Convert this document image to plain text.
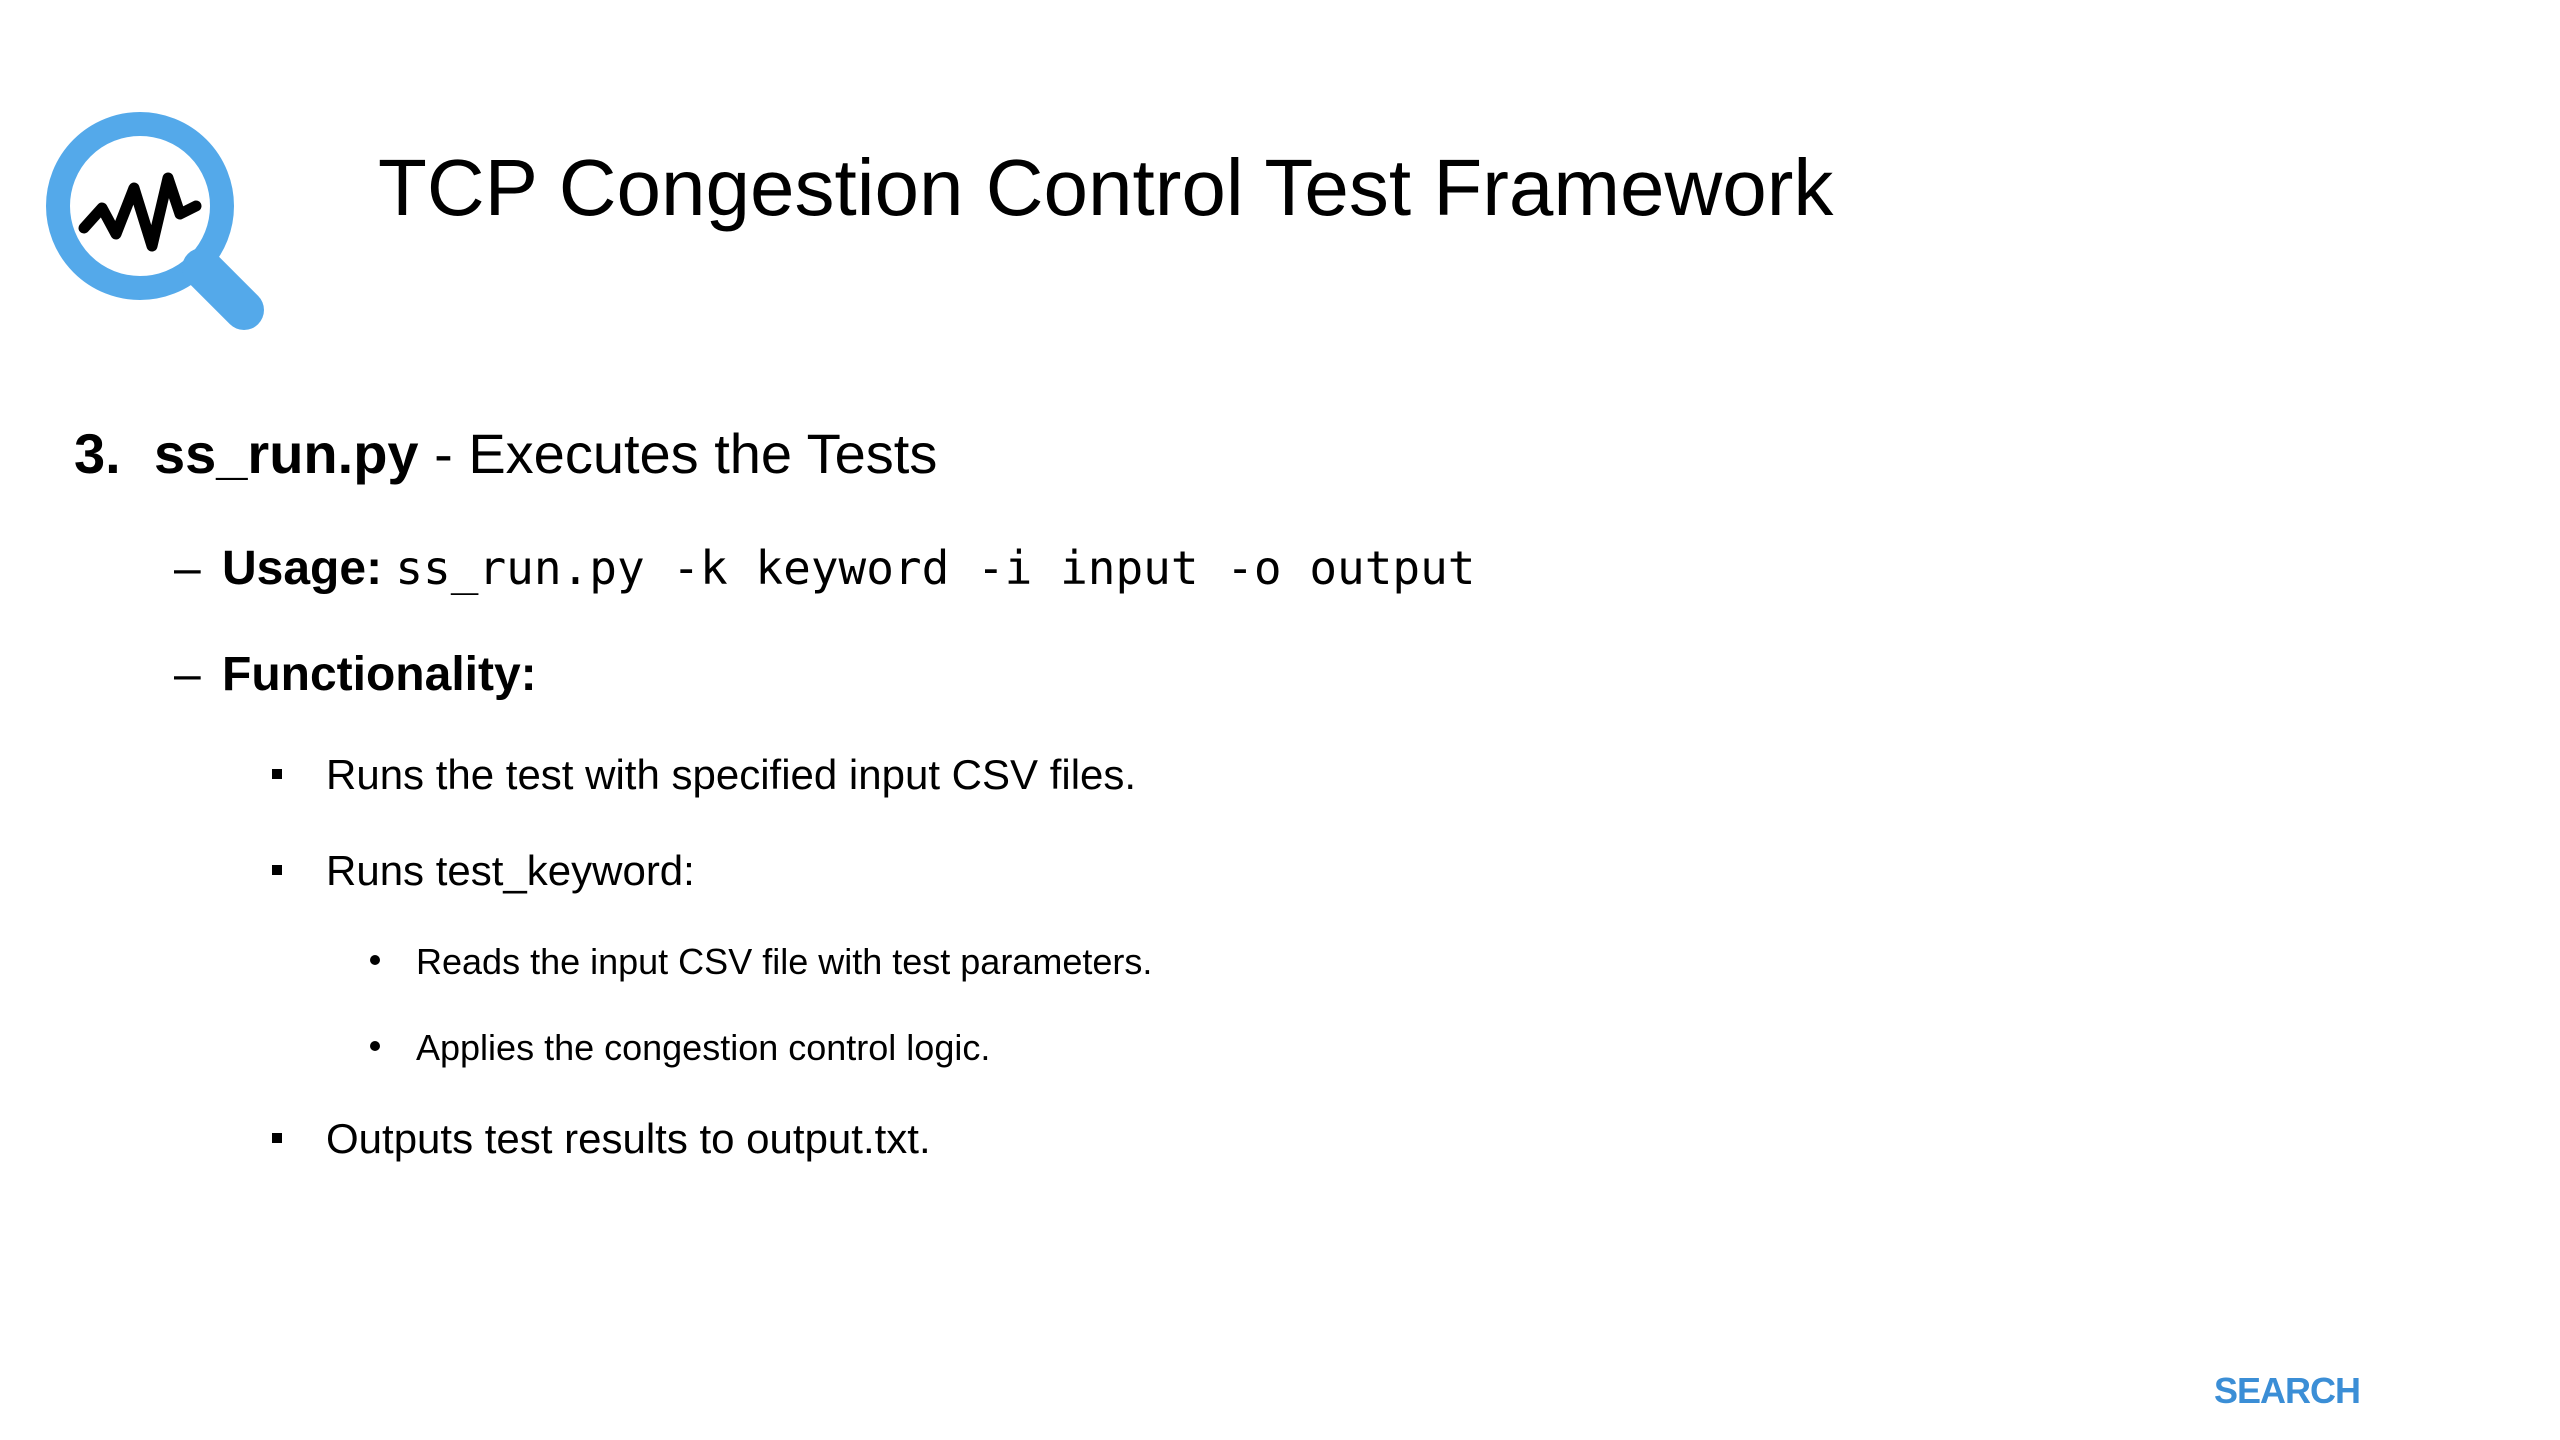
TCP Congestion Control Test Framework
3. ss_run.py - Executes the Tests
– Usage: ss_run.py -k keyword -i input -o output
– Functionality:
Runs the test with specified input CSV files.
Runs test_keyword:
Reads the input CSV file with test parameters.
Applies the congestion control logic.
Outputs test results to output.txt.
SEARCH
